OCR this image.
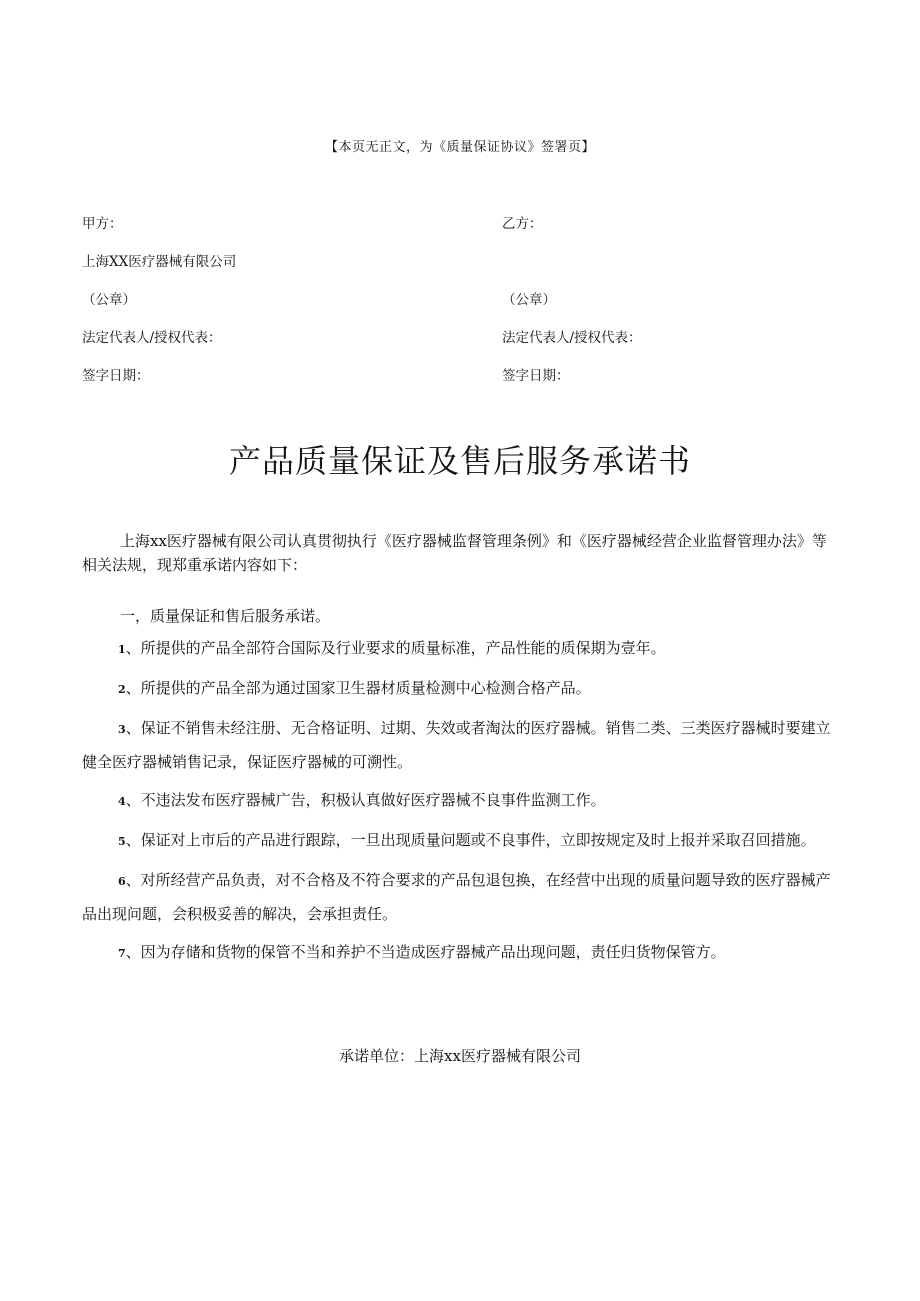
【本页无正文，为《质量保证协议》签署页】
甲方：	乙方：
上海XX医疗器械有限公司
（公章）	（公章）
法定代表人/授权代表：	法定代表人/授权代表：
签字日期：	签字日期：
产品质量保证及售后服务承诺书

上海xx医疗器械有限公司认真贯彻执行《医疗器械监督管理条例》和《医疗器械经营企业监督管理办法》等相关法规，现郑重承诺内容如下：

一，质量保证和售后服务承诺。
1、所提供的产品全部符合国际及行业要求的质量标准，产品性能的质保期为壹年。
2、所提供的产品全部为通过国家卫生器材质量检测中心检测合格产品。
3、保证不销售未经注册、无合格证明、过期、失效或者淘汰的医疗器械。销售二类、三类医疗器械时要建立健全医疗器械销售记录，保证医疗器械的可溯性。
4、不违法发布医疗器械广告，积极认真做好医疗器械不良事件监测工作。
5、保证对上市后的产品进行跟踪，一旦出现质量问题或不良事件，立即按规定及时上报并采取召回措施。
6、对所经营产品负责，对不合格及不符合要求的产品包退包换，在经营中出现的质量问题导致的医疗器械产品出现问题，会积极妥善的解决，会承担责任。
7、因为存储和货物的保管不当和养护不当造成医疗器械产品出现问题，责任归货物保管方。
承诺单位：上海xx医疗器械有限公司
